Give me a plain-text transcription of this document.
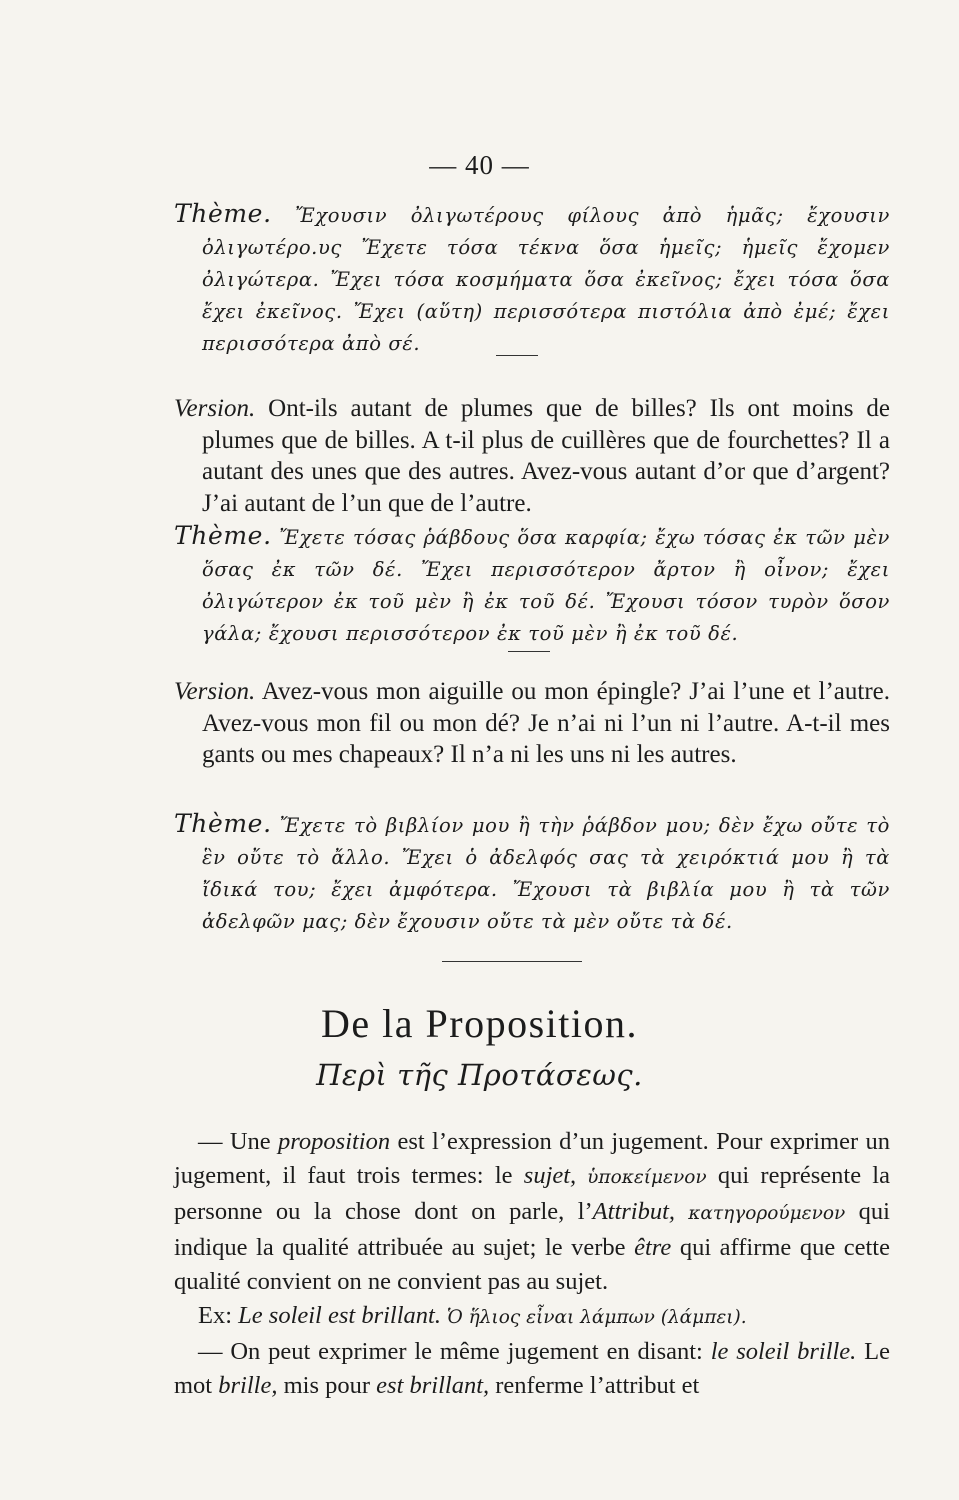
— 40 —

Thème. Ἔχουσιν ὀλιγωτέρους φίλους ἀπὸ ἡμᾶς; ἔχουσιν ὀλιγωτέρο.υς Ἔχετε τόσα τέκνα ὅσα ἡμεῖς; ἡμεῖς ἔχομεν ὀλιγώτερα. Ἔχει τόσα κοσμήματα ὅσα ἐκεῖνος; ἔχει τόσα ὅσα ἔχει ἐκεῖνος. Ἔχει (αὕτη) περισσότερα πιστόλια ἀπὸ ἐμέ; ἔχει περισσότερα ἀπὸ σέ.

Version. Ont-ils autant de plumes que de billes? Ils ont moins de plumes que de billes. A t-il plus de cuillères que de fourchettes? Il a autant des unes que des autres. Avez-vous autant d’or que d’argent? J’ai autant de l’un que de l’autre.

Thème. Ἔχετε τόσας ῥάβδους ὅσα καρφία; ἔχω τόσας ἐκ τῶν μὲν ὅσας ἐκ τῶν δέ. Ἔχει περισσότερον ἄρτον ἢ οἶνον; ἔχει ὀλιγώτερον ἐκ τοῦ μὲν ἢ ἐκ τοῦ δέ. Ἔχουσι τόσον τυρὸν ὅσον γάλα; ἔχουσι περισσότερον ἐκ τοῦ μὲν ἢ ἐκ τοῦ δέ.

Version. Avez-vous mon aiguille ou mon épingle? J’ai l’une et l’autre. Avez-vous mon fil ou mon dé? Je n’ai ni l’un ni l’autre. A-t-il mes gants ou mes chapeaux? Il n’a ni les uns ni les autres.

Thème. Ἔχετε τὸ βιβλίον μου ἢ τὴν ῥάβδον μου; δὲν ἔχω οὔτε τὸ ἓν οὔτε τὸ ἄλλο. Ἔχει ὁ ἀδελφός σας τὰ χειρόκτιά μου ἢ τὰ ἴδικά του; ἔχει ἀμφότερα. Ἔχουσι τὰ βιβλία μου ἢ τὰ τῶν ἀδελφῶν μας; δὲν ἔχουσιν οὔτε τὰ μὲν οὔτε τὰ δέ.

De la Proposition.
Περὶ τῆς Προτάσεως.

— Une proposition est l’expression d’un jugement. Pour exprimer un jugement, il faut trois termes: le sujet, ὑποκείμενον qui représente la personne ou la chose dont on parle, l’Attribut, κατηγορούμενον qui indique la qualité attribuée au sujet; le verbe être qui affirme que cette qualité convient on ne convient pas au sujet.

Ex: Le soleil est brillant. Ὁ ἥλιος εἶναι λάμπων (λάμπει).

— On peut exprimer le même jugement en disant: le soleil brille. Le mot brille, mis pour est brillant, renferme l’attribut et
